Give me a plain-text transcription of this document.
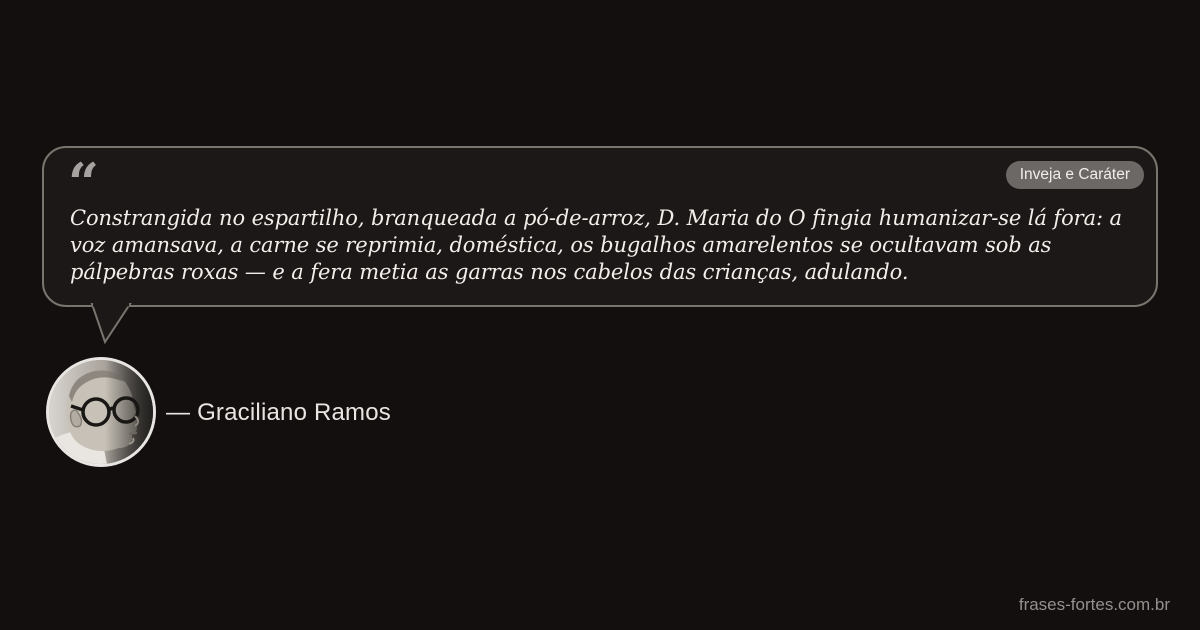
“	Inveja e Caráter

Constrangida no espartilho, branqueada a pó-de-arroz, D. Maria do O fingia humanizar-se lá fora: a voz amansava, a carne se reprimia, doméstica, os bugalhos amarelentos se ocultavam sob as pálpebras roxas — e a fera metia as garras nos cabelos das crianças, adulando.

— Graciliano Ramos
frases-fortes.com.br
